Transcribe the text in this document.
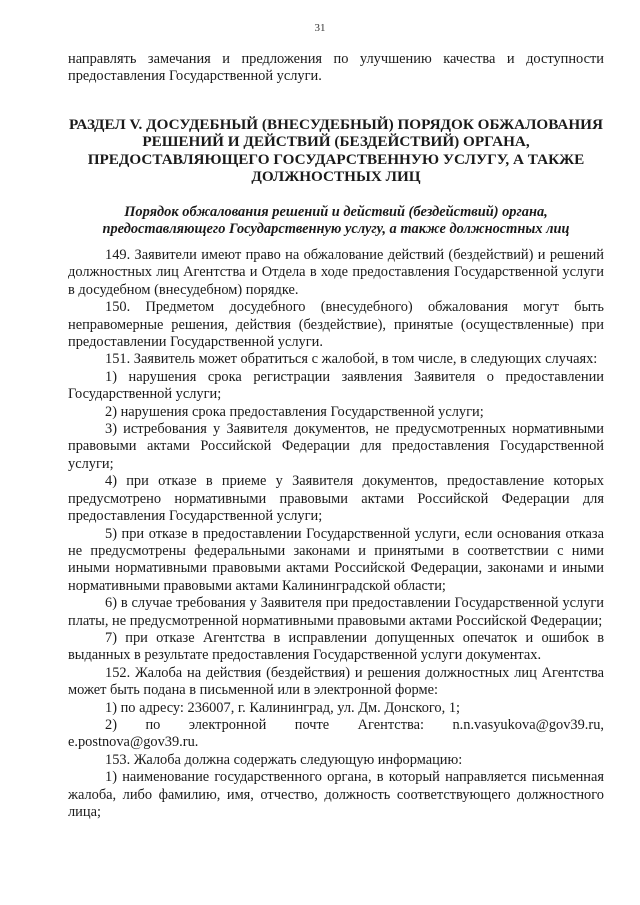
31

направлять замечания и предложения по улучшению качества и доступности предоставления Государственной услуги.

РАЗДЕЛ V. ДОСУДЕБНЫЙ (ВНЕСУДЕБНЫЙ) ПОРЯДОК ОБЖАЛОВАНИЯ РЕШЕНИЙ И ДЕЙСТВИЙ (БЕЗДЕЙСТВИЙ) ОРГАНА, ПРЕДОСТАВЛЯЮЩЕГО ГОСУДАРСТВЕННУЮ УСЛУГУ, А ТАКЖЕ ДОЛЖНОСТНЫХ ЛИЦ
Порядок обжалования решений и действий (бездействий) органа, предоставляющего Государственную услугу, а также должностных лиц

149. Заявители имеют право на обжалование действий (бездействий) и решений должностных лиц Агентства и Отдела в ходе предоставления Государственной услуги в досудебном (внесудебном) порядке.

150. Предметом досудебного (внесудебного) обжалования могут быть неправомерные решения, действия (бездействие), принятые (осуществленные) при предоставлении Государственной услуги.

151. Заявитель может обратиться с жалобой, в том числе, в следующих случаях:

1) нарушения срока регистрации заявления Заявителя о предоставлении Государственной услуги;

2) нарушения срока предоставления Государственной услуги;

3) истребования у Заявителя документов, не предусмотренных нормативными правовыми актами Российской Федерации для предоставления Государственной услуги;

4) при отказе в приеме у Заявителя документов, предоставление которых предусмотрено нормативными правовыми актами Российской Федерации для предоставления Государственной услуги;

5) при отказе в предоставлении Государственной услуги, если основания отказа не предусмотрены федеральными законами и принятыми в соответствии с ними иными нормативными правовыми актами Российской Федерации, законами и иными нормативными правовыми актами Калининградской области;

6) в случае требования у Заявителя при предоставлении Государственной услуги платы, не предусмотренной нормативными правовыми актами Российской Федерации;

7) при отказе Агентства в исправлении допущенных опечаток и ошибок в выданных в результате предоставления Государственной услуги документах.

152. Жалоба на действия (бездействия) и решения должностных лиц Агентства может быть подана в письменной или в электронной форме:

1) по адресу: 236007, г. Калининград, ул. Дм. Донского, 1;

2) по электронной почте Агентства: n.n.vasyukova@gov39.ru, e.postnova@gov39.ru.

153. Жалоба должна содержать следующую информацию:

1) наименование государственного органа, в который направляется письменная жалоба, либо фамилию, имя, отчество, должность соответствующего должностного лица;
